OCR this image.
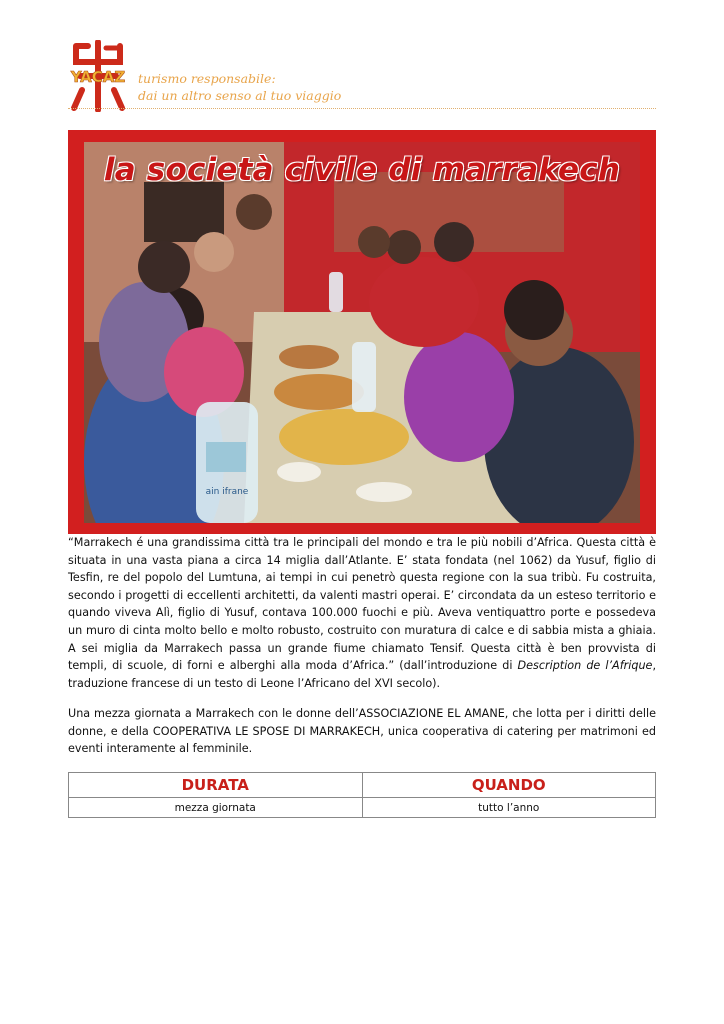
YACAZ turismo responsabile:
dai un altro senso al tuo viaggio
ain ifrane
la società civile di marrakech
“Marrakech é una grandissima città tra le principali del mondo e tra le più nobili d’Africa. Questa città è situata in una vasta piana a circa 14 miglia dall’Atlante. E’ stata fondata (nel 1062) da Yusuf, figlio di Tesfin, re del popolo del Lumtuna, ai tempi in cui penetrò questa regione con la sua tribù. Fu costruita, secondo i progetti di eccellenti architetti, da valenti mastri operai. E’ circondata da un esteso territorio e quando viveva Alì, figlio di Yusuf, contava 100.000 fuochi e più. Aveva ventiquattro porte e possedeva un muro di cinta molto bello e molto robusto, costruito con muratura di calce e di sabbia mista a ghiaia. A sei miglia da Marrakech passa un grande fiume chiamato Tensif. Questa città è ben provvista di templi, di scuole, di forni e alberghi alla moda d’Africa.” (dall’introduzione di Description de l’Afrique, traduzione francese di un testo di Leone l’Africano del XVI secolo).
Una mezza giornata a Marrakech con le donne dell’ASSOCIAZIONE EL AMANE, che lotta per i diritti delle donne, e della COOPERATIVA LE SPOSE DI MARRAKECH, unica cooperativa di catering per matrimoni ed eventi interamente al femminile.
DURATA	QUANDO
mezza giornata	tutto l’anno
